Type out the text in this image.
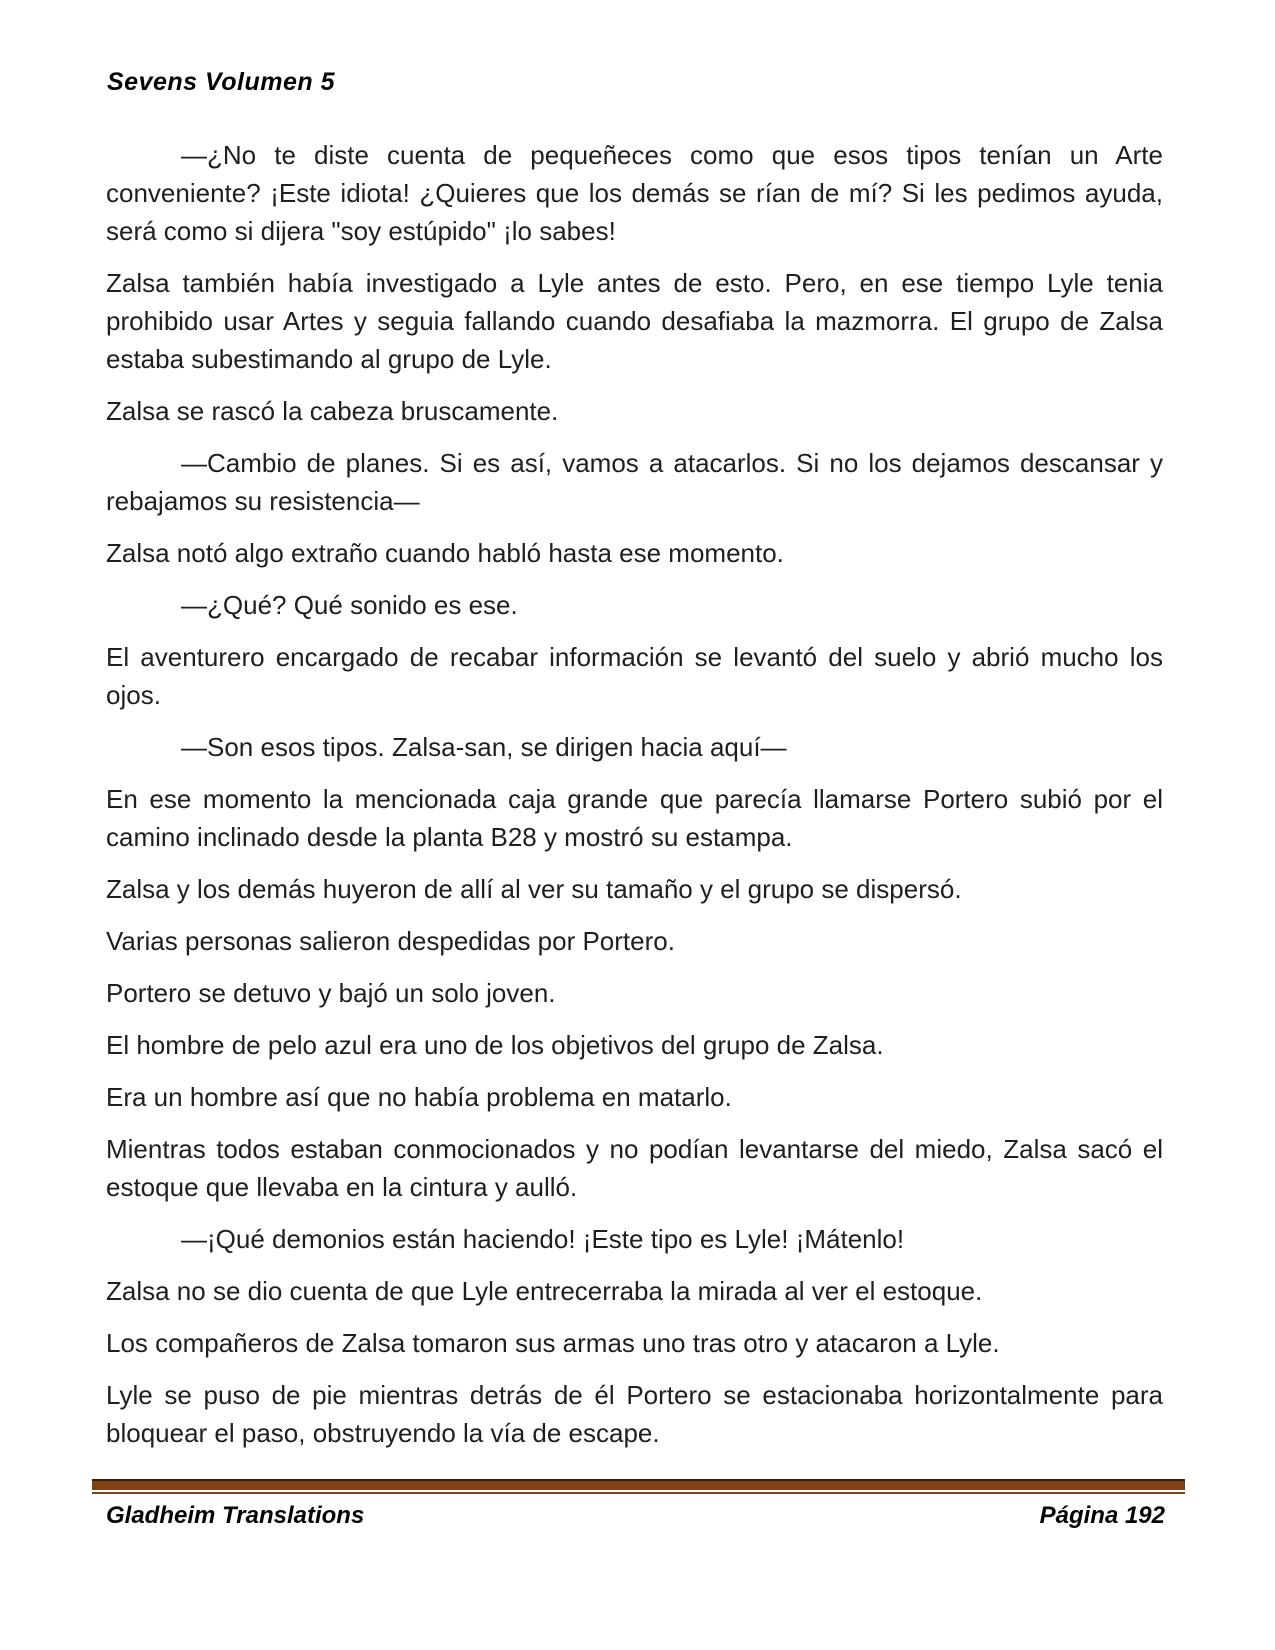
Sevens Volumen 5

—¿No te diste cuenta de pequeñeces como que esos tipos tenían un Arte conveniente? ¡Este idiota! ¿Quieres que los demás se rían de mí? Si les pedimos ayuda, será como si dijera "soy estúpido" ¡lo sabes!

Zalsa también había investigado a Lyle antes de esto. Pero, en ese tiempo Lyle tenia prohibido usar Artes y seguia fallando cuando desafiaba la mazmorra. El grupo de Zalsa estaba subestimando al grupo de Lyle.

Zalsa se rascó la cabeza bruscamente.

—Cambio de planes. Si es así, vamos a atacarlos. Si no los dejamos descansar y rebajamos su resistencia—

Zalsa notó algo extraño cuando habló hasta ese momento.

—¿Qué? Qué sonido es ese.

El aventurero encargado de recabar información se levantó del suelo y abrió mucho los ojos.

—Son esos tipos. Zalsa-san, se dirigen hacia aquí—

En ese momento la mencionada caja grande que parecía llamarse Portero subió por el camino inclinado desde la planta B28 y mostró su estampa.

Zalsa y los demás huyeron de allí al ver su tamaño y el grupo se dispersó.

Varias personas salieron despedidas por Portero.

Portero se detuvo y bajó un solo joven.

El hombre de pelo azul era uno de los objetivos del grupo de Zalsa.

Era un hombre así que no había problema en matarlo.

Mientras todos estaban conmocionados y no podían levantarse del miedo, Zalsa sacó el estoque que llevaba en la cintura y aulló.

—¡Qué demonios están haciendo! ¡Este tipo es Lyle! ¡Mátenlo!

Zalsa no se dio cuenta de que Lyle entrecerraba la mirada al ver el estoque.

Los compañeros de Zalsa tomaron sus armas uno tras otro y atacaron a Lyle.

Lyle se puso de pie mientras detrás de él Portero se estacionaba horizontalmente para bloquear el paso, obstruyendo la vía de escape.

Gladheim Translations	Página 192
